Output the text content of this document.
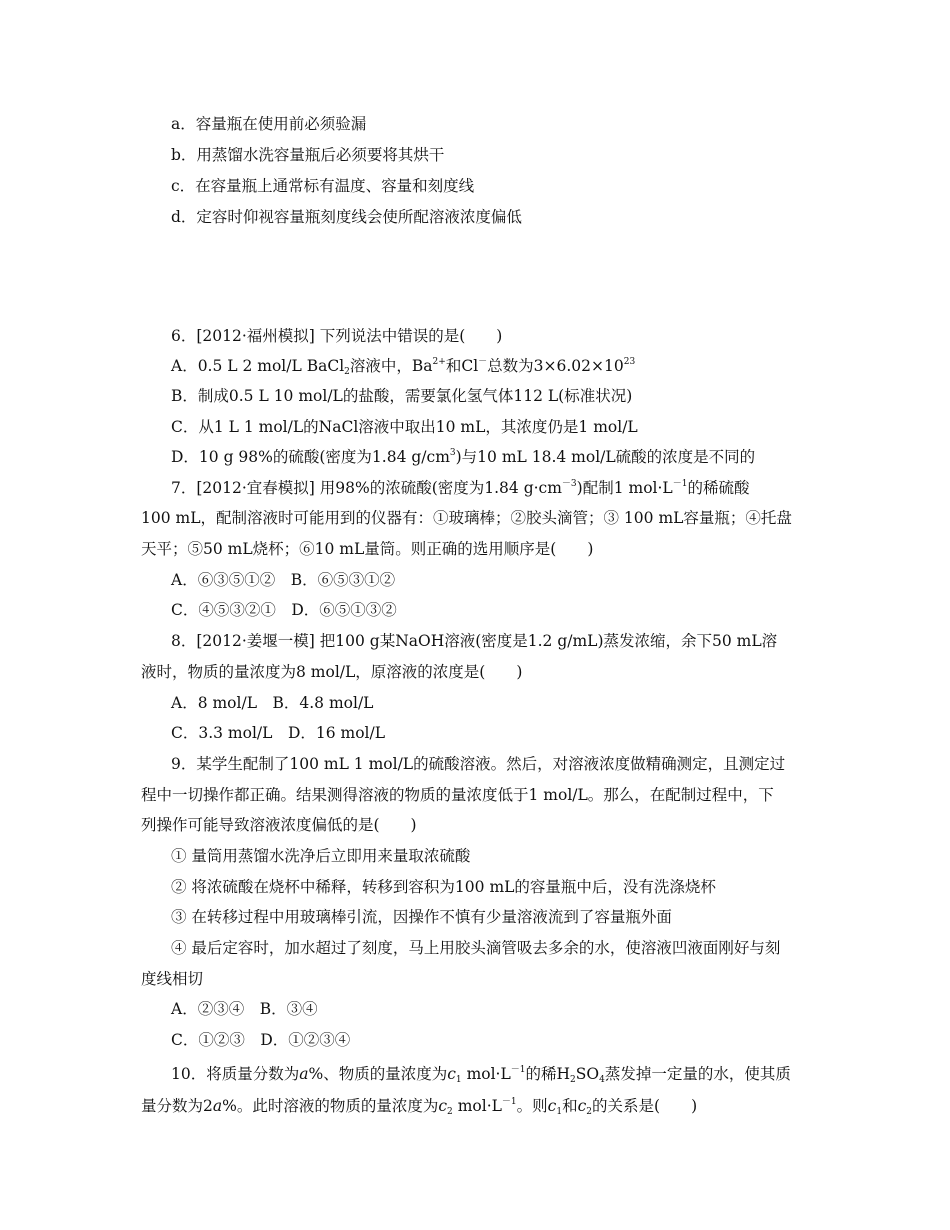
a．容量瓶在使用前必须验漏
b．用蒸馏水洗容量瓶后必须要将其烘干
c．在容量瓶上通常标有温度、容量和刻度线
d．定容时仰视容量瓶刻度线会使所配溶液浓度偏低
6．[2012·福州模拟] 下列说法中错误的是(　　)
A．0.5 L 2 mol/L BaCl$_2$溶液中，$Ba^{2+}$和Cl－总数为$3\times 6.02\times 10^{23}$
B．制成0.5 L 10 mol/L的盐酸，需要氯化氢气体112 L(标准状况)
C．从1 L 1 mol/L的NaCl溶液中取出10 mL，其浓度仍是1 mol/L
D．10 g 98%的硫酸(密度为1.84 $g/cm^3$)与10 mL 18.4 mol/L硫酸的浓度是不同的
7．[2012·宜春模拟] 用98%的浓硫酸(密度为1.84 $g\cdot cm^{-3}$)配制1 $mol\cdot L^{-1}$的稀硫酸
100 mL，配制溶液时可能用到的仪器有：①玻璃棒；②胶头滴管；③ 100 mL容量瓶；④托盘
天平；⑤50 mL烧杯；⑥10 mL量筒。则正确的选用顺序是(　　)
A．⑥③⑤①②　B．⑥⑤③①②
C．④⑤③②①　D．⑥⑤①③②
8．[2012·姜堰一模] 把100 g某NaOH溶液(密度是1.2 g/mL)蒸发浓缩，余下50 mL溶
液时，物质的量浓度为8 mol/L，原溶液的浓度是(　　)
A．8 mol/L　B．4.8 mol/L
C．3.3 mol/L　D．16 mol/L
9．某学生配制了100 mL 1 mol/L的硫酸溶液。然后，对溶液浓度做精确测定，且测定过
程中一切操作都正确。结果测得溶液的物质的量浓度低于1 mol/L。那么，在配制过程中，下
列操作可能导致溶液浓度偏低的是(　　)
① 量筒用蒸馏水洗净后立即用来量取浓硫酸
② 将浓硫酸在烧杯中稀释，转移到容积为100 mL的容量瓶中后，没有洗涤烧杯
③ 在转移过程中用玻璃棒引流，因操作不慎有少量溶液流到了容量瓶外面
④ 最后定容时，加水超过了刻度，马上用胶头滴管吸去多余的水，使溶液凹液面刚好与刻
度线相切
A．②③④　B．③④
C．①②③　D．①②③④
10．将质量分数为a%、物质的量浓度为$c_1$ $mol\cdot L^{-1}$的稀$H_2SO_4$蒸发掉一定量的水，使其质
量分数为2a%。此时溶液的物质的量浓度为$c_2$ $mol\cdot L^{-1}$。则$c_1$和$c_2$的关系是(　　)
